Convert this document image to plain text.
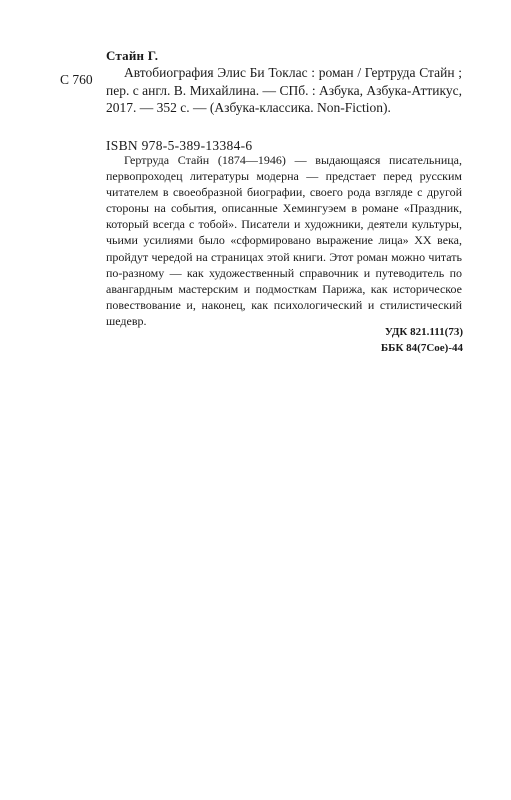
Стайн Г.
С 760	Автобиография Элис Би Токлас : роман / Гертруда Стайн ; пер. с англ. В. Михайлина. — СПб. : Азбука, Азбука-Аттикус, 2017. — 352 с. — (Азбука-классика. Non-Fiction).
ISBN 978-5-389-13384-6
Гертруда Стайн (1874—1946) — выдающаяся писательница, первопроходец литературы модерна — предстает перед русским читателем в своеобразной биографии, своего рода взгляде с другой стороны на события, описанные Хемингуэем в романе «Праздник, который всегда с тобой». Писатели и художники, деятели культуры, чьими усилиями было «сформировано выражение лица» XX века, пройдут чередой на страницах этой книги. Этот роман можно читать по-разному — как художественный справочник и путеводитель по авангардным мастерским и подмосткам Парижа, как историческое повествование и, наконец, как психологический и стилистический шедевр.
УДК 821.111(73)
ББК 84(7Сое)-44
